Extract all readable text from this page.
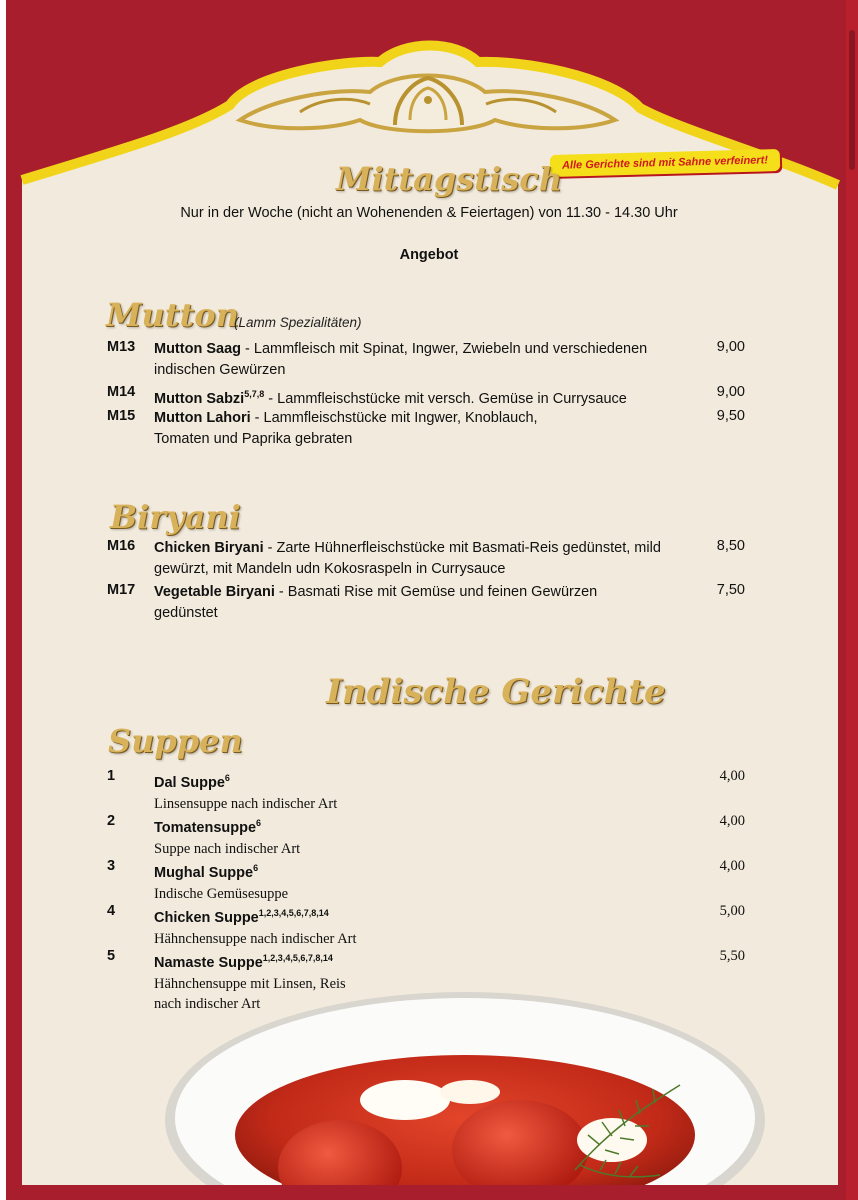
Alle Gerichte sind mit Sahne verfeinert!
Mittagstisch
Nur in der Woche (nicht an Wohenenden & Feiertagen) von 11.30 - 14.30 Uhr
Angebot
Mutton
(Lamm Spezialitäten)
M13 Mutton Saag - Lammfleisch mit Spinat, Ingwer, Zwiebeln und verschiedenen indischen Gewürzen
9,00
M14 Mutton Sabzi$^{5,7,8}$ - Lammfleischstücke mit versch. Gemüse in Currysauce	9,00
M15 Mutton Lahori - Lammfleischstücke mit Ingwer, Knoblauch, Tomaten und Paprika gebraten
9,50
Biryani
M16 Chicken Biryani - Zarte Hühnerfleischstücke mit Basmati-Reis gedünstet, mild gewürzt, mit Mandeln udn Kokosraspeln in Currysauce
8,50
M17 Vegetable Biryani - Basmati Rise mit Gemüse und feinen Gewürzen gedünstet
7,50
Indische Gerichte
Suppen
1	Dal Suppe$^6$
Linsensuppe nach indischer Art
4,00
2	Tomatensuppe$^6$
Suppe nach indischer Art
4,00
3	Mughal Suppe$^6$
Indische Gemüsesuppe
4,00
4	Chicken Suppe$^{1,2,3,4,5,6,7,8,14}$
Hähnchensuppe nach indischer Art
5,00
5	Namaste Suppe$^{1,2,3,4,5,6,7,8,14}$
Hähnchensuppe mit Linsen, Reis
nach indischer Art
5,50
